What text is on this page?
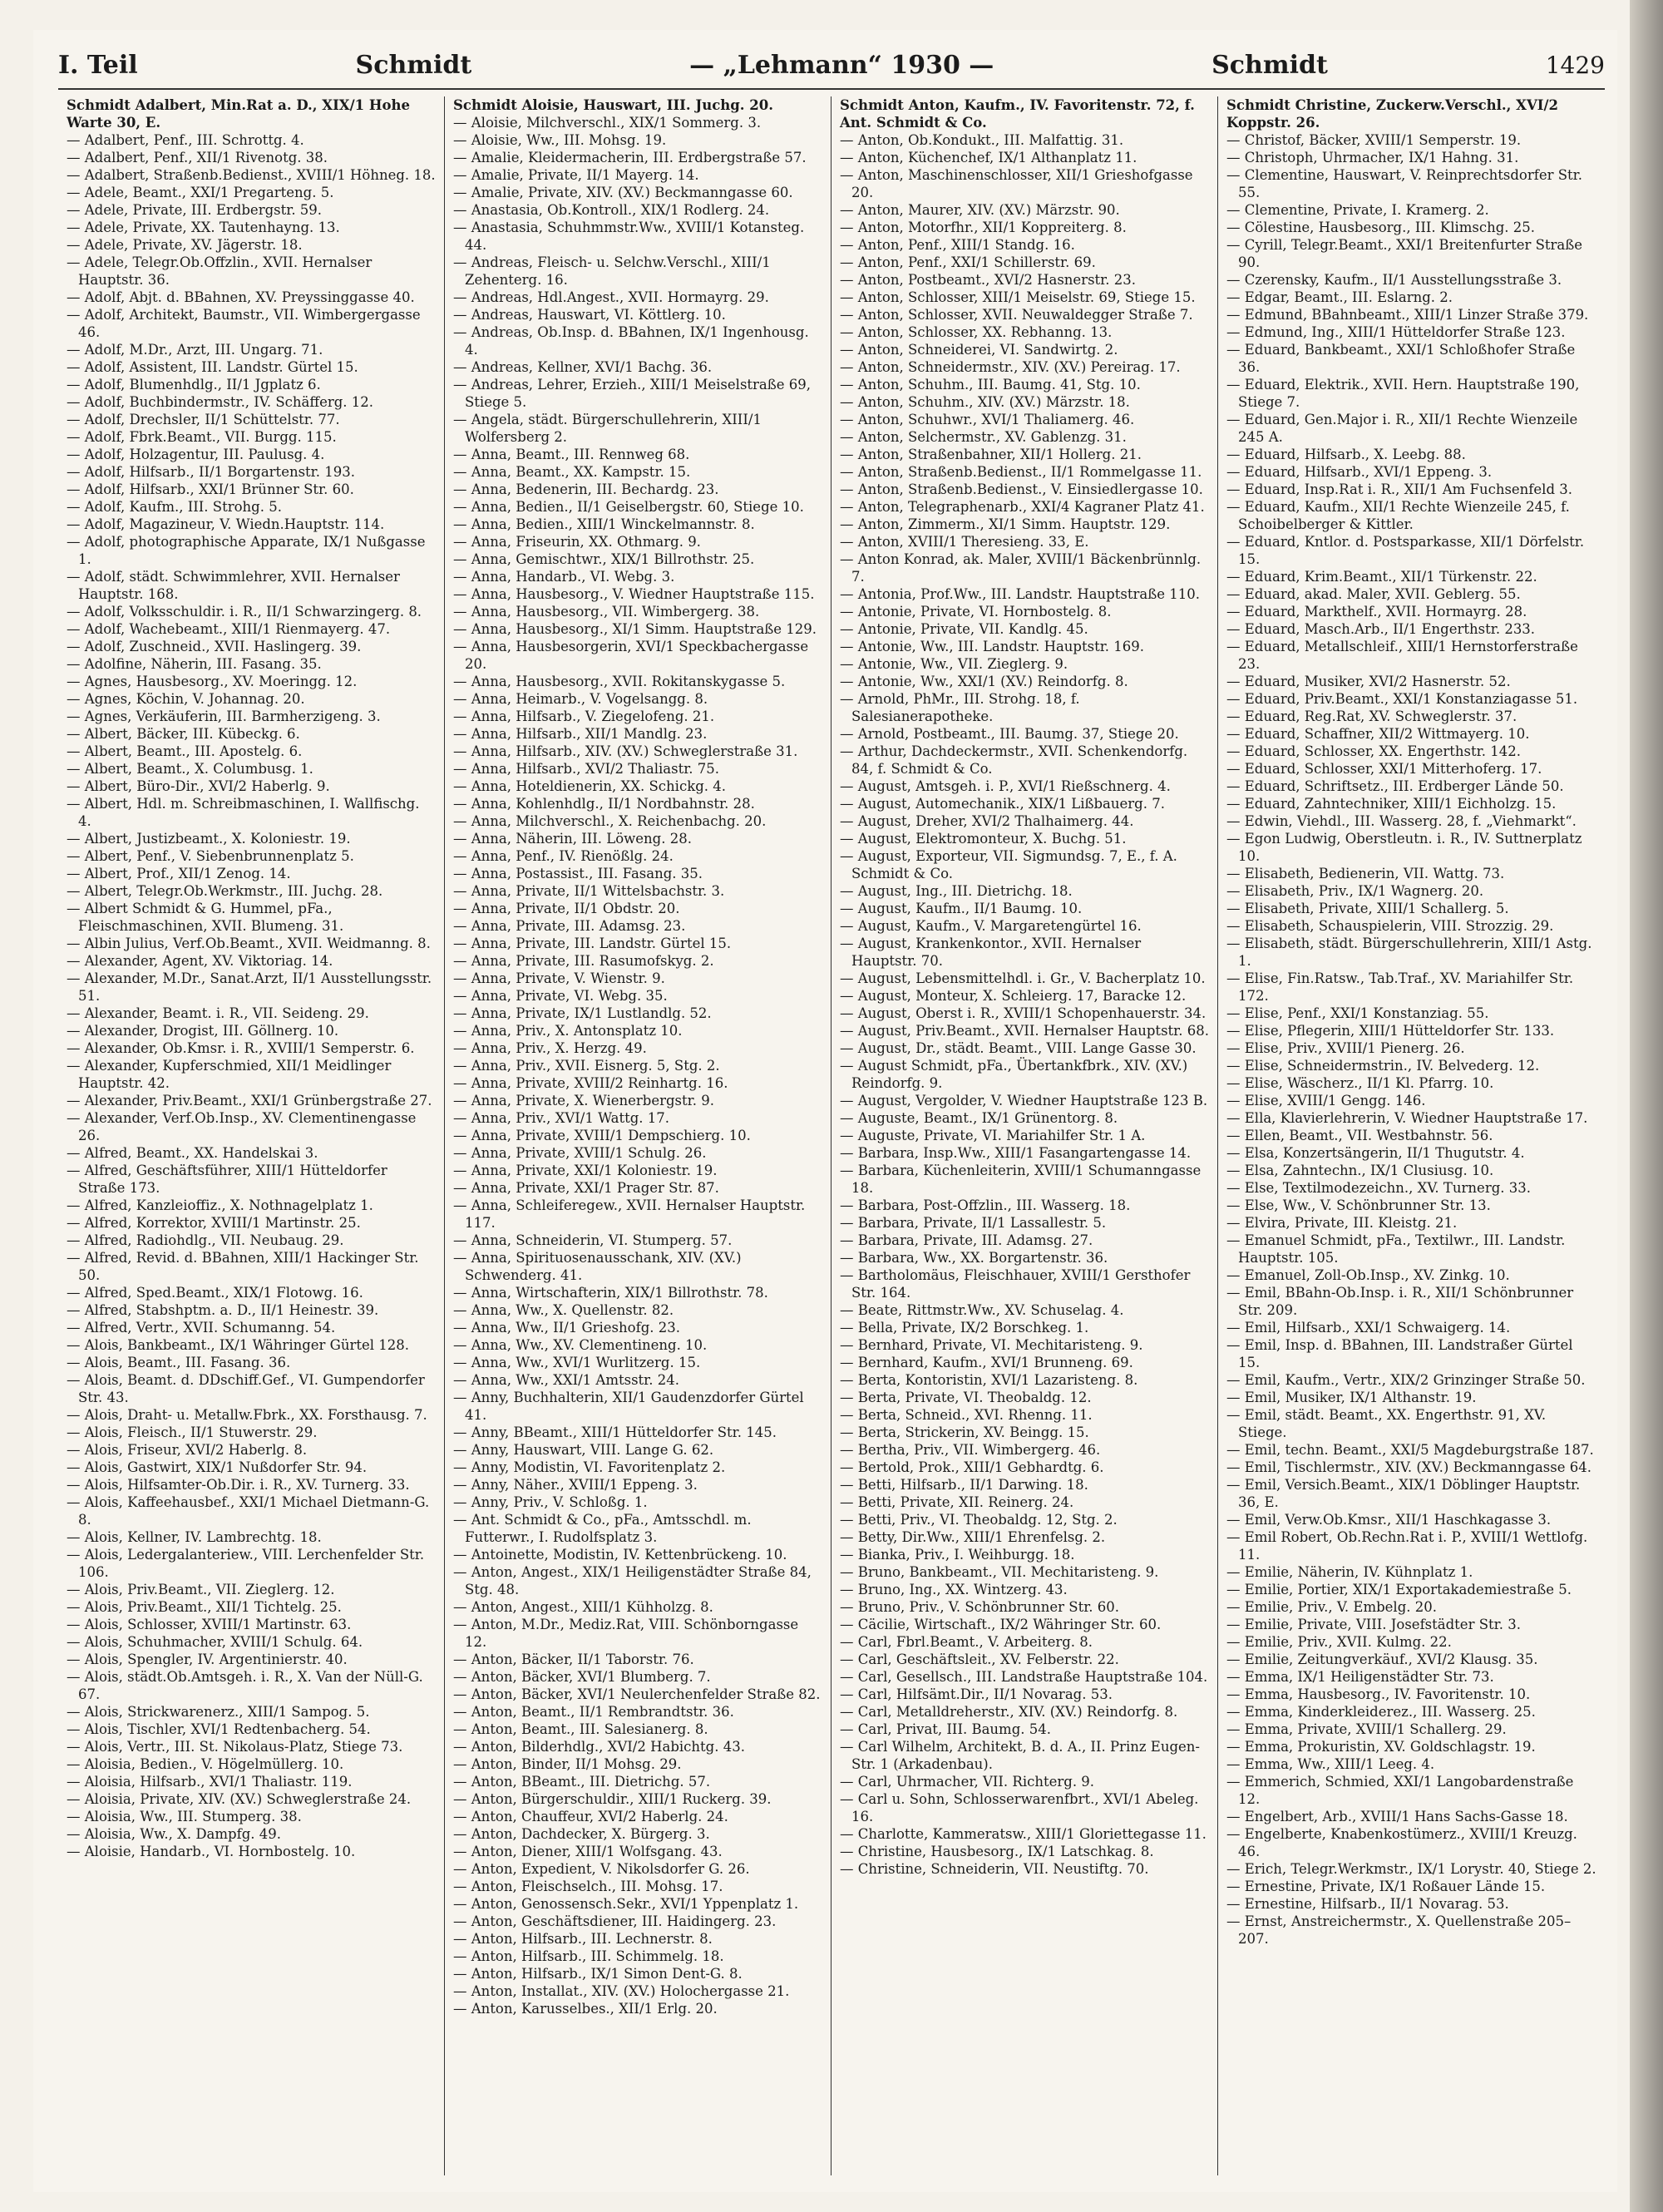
I. Teil	Schmidt	— „Lehmann“ 1930 —	Schmidt	1429

Schmidt Adalbert, Min.Rat a. D., XIX/1 Hohe Warte 30, E.

— Adalbert, Penf., III. Schrottg. 4.

— Adalbert, Penf., XII/1 Rivenotg. 38.

— Adalbert, Straßenb.Bedienst., XVIII/1 Höhneg. 18.

— Adele, Beamt., XXI/1 Pregarteng. 5.

— Adele, Private, III. Erdbergstr. 59.

— Adele, Private, XX. Tautenhayng. 13.

— Adele, Private, XV. Jägerstr. 18.

— Adele, Telegr.Ob.Offzlin., XVII. Hernalser Hauptstr. 36.

— Adolf, Abjt. d. BBahnen, XV. Preyssinggasse 40.

— Adolf, Architekt, Baumstr., VII. Wimbergergasse 46.

— Adolf, M.Dr., Arzt, III. Ungarg. 71.

— Adolf, Assistent, III. Landstr. Gürtel 15.

— Adolf, Blumenhdlg., II/1 Jgplatz 6.

— Adolf, Buchbindermstr., IV. Schäfferg. 12.

— Adolf, Drechsler, II/1 Schüttelstr. 77.

— Adolf, Fbrk.Beamt., VII. Burgg. 115.

— Adolf, Holzagentur, III. Paulusg. 4.

— Adolf, Hilfsarb., II/1 Borgartenstr. 193.

— Adolf, Hilfsarb., XXI/1 Brünner Str. 60.

— Adolf, Kaufm., III. Strohg. 5.

— Adolf, Magazineur, V. Wiedn.Hauptstr. 114.

— Adolf, photographische Apparate, IX/1 Nußgasse 1.

— Adolf, städt. Schwimmlehrer, XVII. Hernalser Hauptstr. 168.

— Adolf, Volksschuldir. i. R., II/1 Schwarzingerg. 8.

— Adolf, Wachebeamt., XIII/1 Rienmayerg. 47.

— Adolf, Zuschneid., XVII. Haslingerg. 39.

— Adolfine, Näherin, III. Fasang. 35.

— Agnes, Hausbesorg., XV. Moeringg. 12.

— Agnes, Köchin, V. Johannag. 20.

— Agnes, Verkäuferin, III. Barmherzigeng. 3.

— Albert, Bäcker, III. Kübeckg. 6.

— Albert, Beamt., III. Apostelg. 6.

— Albert, Beamt., X. Columbusg. 1.

— Albert, Büro-Dir., XVI/2 Haberlg. 9.

— Albert, Hdl. m. Schreibmaschinen, I. Wallfischg. 4.

— Albert, Justizbeamt., X. Koloniestr. 19.

— Albert, Penf., V. Siebenbrunnenplatz 5.

— Albert, Prof., XII/1 Zenog. 14.

— Albert, Telegr.Ob.Werkmstr., III. Juchg. 28.

— Albert Schmidt & G. Hummel, pFa., Fleischmaschinen, XVII. Blumeng. 31.

— Albin Julius, Verf.Ob.Beamt., XVII. Weidmanng. 8.

— Alexander, Agent, XV. Viktoriag. 14.

— Alexander, M.Dr., Sanat.Arzt, II/1 Ausstellungsstr. 51.

— Alexander, Beamt. i. R., VII. Seideng. 29.

— Alexander, Drogist, III. Göllnerg. 10.

— Alexander, Ob.Kmsr. i. R., XVIII/1 Semperstr. 6.

— Alexander, Kupferschmied, XII/1 Meidlinger Hauptstr. 42.

— Alexander, Priv.Beamt., XXI/1 Grünbergstraße 27.

— Alexander, Verf.Ob.Insp., XV. Clementinengasse 26.

— Alfred, Beamt., XX. Handelskai 3.

— Alfred, Geschäftsführer, XIII/1 Hütteldorfer Straße 173.

— Alfred, Kanzleioffiz., X. Nothnagelplatz 1.

— Alfred, Korrektor, XVIII/1 Martinstr. 25.

— Alfred, Radiohdlg., VII. Neubaug. 29.

— Alfred, Revid. d. BBahnen, XIII/1 Hackinger Str. 50.

— Alfred, Sped.Beamt., XIX/1 Flotowg. 16.

— Alfred, Stabshptm. a. D., II/1 Heinestr. 39.

— Alfred, Vertr., XVII. Schumanng. 54.

— Alois, Bankbeamt., IX/1 Währinger Gürtel 128.

— Alois, Beamt., III. Fasang. 36.

— Alois, Beamt. d. DDschiff.Gef., VI. Gumpendorfer Str. 43.

— Alois, Draht- u. Metallw.Fbrk., XX. Forsthausg. 7.

— Alois, Fleisch., II/1 Stuwerstr. 29.

— Alois, Friseur, XVI/2 Haberlg. 8.

— Alois, Gastwirt, XIX/1 Nußdorfer Str. 94.

— Alois, Hilfsamter-Ob.Dir. i. R., XV. Turnerg. 33.

— Alois, Kaffeehausbef., XXI/1 Michael Dietmann-G. 8.

— Alois, Kellner, IV. Lambrechtg. 18.

— Alois, Ledergalanteriew., VIII. Lerchenfelder Str. 106.

— Alois, Priv.Beamt., VII. Zieglerg. 12.

— Alois, Priv.Beamt., XII/1 Tichtelg. 25.

— Alois, Schlosser, XVIII/1 Martinstr. 63.

— Alois, Schuhmacher, XVIII/1 Schulg. 64.

— Alois, Spengler, IV. Argentinierstr. 40.

— Alois, städt.Ob.Amtsgeh. i. R., X. Van der Nüll-G. 67.

— Alois, Strickwarenerz., XIII/1 Sampog. 5.

— Alois, Tischler, XVI/1 Redtenbacherg. 54.

— Alois, Vertr., III. St. Nikolaus-Platz, Stiege 73.

— Aloisia, Bedien., V. Högelmüllerg. 10.

— Aloisia, Hilfsarb., XVI/1 Thaliastr. 119.

— Aloisia, Private, XIV. (XV.) Schweglerstraße 24.

— Aloisia, Ww., III. Stumperg. 38.

— Aloisia, Ww., X. Dampfg. 49.

— Aloisie, Handarb., VI. Hornbostelg. 10.

Schmidt Aloisie, Hauswart, III. Juchg. 20.

— Aloisie, Milchverschl., XIX/1 Sommerg. 3.

— Aloisie, Ww., III. Mohsg. 19.

— Amalie, Kleidermacherin, III. Erdbergstraße 57.

— Amalie, Private, II/1 Mayerg. 14.

— Amalie, Private, XIV. (XV.) Beckmanngasse 60.

— Anastasia, Ob.Kontroll., XIX/1 Rodlerg. 24.

— Anastasia, Schuhmmstr.Ww., XVIII/1 Kotansteg. 44.

— Andreas, Fleisch- u. Selchw.Verschl., XIII/1 Zehenterg. 16.

— Andreas, Hdl.Angest., XVII. Hormayrg. 29.

— Andreas, Hauswart, VI. Köttlerg. 10.

— Andreas, Ob.Insp. d. BBahnen, IX/1 Ingenhousg. 4.

— Andreas, Kellner, XVI/1 Bachg. 36.

— Andreas, Lehrer, Erzieh., XIII/1 Meiselstraße 69, Stiege 5.

— Angela, städt. Bürgerschullehrerin, XIII/1 Wolfersberg 2.

— Anna, Beamt., III. Rennweg 68.

— Anna, Beamt., XX. Kampstr. 15.

— Anna, Bedenerin, III. Bechardg. 23.

— Anna, Bedien., II/1 Geiselbergstr. 60, Stiege 10.

— Anna, Bedien., XIII/1 Winckelmannstr. 8.

— Anna, Friseurin, XX. Othmarg. 9.

— Anna, Gemischtwr., XIX/1 Billrothstr. 25.

— Anna, Handarb., VI. Webg. 3.

— Anna, Hausbesorg., V. Wiedner Hauptstraße 115.

— Anna, Hausbesorg., VII. Wimbergerg. 38.

— Anna, Hausbesorg., XI/1 Simm. Hauptstraße 129.

— Anna, Hausbesorgerin, XVI/1 Speckbachergasse 20.

— Anna, Hausbesorg., XVII. Rokitanskygasse 5.

— Anna, Heimarb., V. Vogelsangg. 8.

— Anna, Hilfsarb., V. Ziegelofeng. 21.

— Anna, Hilfsarb., XII/1 Mandlg. 23.

— Anna, Hilfsarb., XIV. (XV.) Schweglerstraße 31.

— Anna, Hilfsarb., XVI/2 Thaliastr. 75.

— Anna, Hoteldienerin, XX. Schickg. 4.

— Anna, Kohlenhdlg., II/1 Nordbahnstr. 28.

— Anna, Milchverschl., X. Reichenbachg. 20.

— Anna, Näherin, III. Löweng. 28.

— Anna, Penf., IV. Rienößlg. 24.

— Anna, Postassist., III. Fasang. 35.

— Anna, Private, II/1 Wittelsbachstr. 3.

— Anna, Private, II/1 Obdstr. 20.

— Anna, Private, III. Adamsg. 23.

— Anna, Private, III. Landstr. Gürtel 15.

— Anna, Private, III. Rasumofskyg. 2.

— Anna, Private, V. Wienstr. 9.

— Anna, Private, VI. Webg. 35.

— Anna, Private, IX/1 Lustlandlg. 52.

— Anna, Priv., X. Antonsplatz 10.

— Anna, Priv., X. Herzg. 49.

— Anna, Priv., XVII. Eisnerg. 5, Stg. 2.

— Anna, Private, XVIII/2 Reinhartg. 16.

— Anna, Private, X. Wienerbergstr. 9.

— Anna, Priv., XVI/1 Wattg. 17.

— Anna, Private, XVIII/1 Dempschierg. 10.

— Anna, Private, XVIII/1 Schulg. 26.

— Anna, Private, XXI/1 Koloniestr. 19.

— Anna, Private, XXI/1 Prager Str. 87.

— Anna, Schleiferegew., XVII. Hernalser Hauptstr. 117.

— Anna, Schneiderin, VI. Stumperg. 57.

— Anna, Spirituosenausschank, XIV. (XV.) Schwenderg. 41.

— Anna, Wirtschafterin, XIX/1 Billrothstr. 78.

— Anna, Ww., X. Quellenstr. 82.

— Anna, Ww., II/1 Grieshofg. 23.

— Anna, Ww., XV. Clementineng. 10.

— Anna, Ww., XVI/1 Wurlitzerg. 15.

— Anna, Ww., XXI/1 Amtsstr. 24.

— Anny, Buchhalterin, XII/1 Gaudenzdorfer Gürtel 41.

— Anny, BBeamt., XIII/1 Hütteldorfer Str. 145.

— Anny, Hauswart, VIII. Lange G. 62.

— Anny, Modistin, VI. Favoritenplatz 2.

— Anny, Näher., XVIII/1 Eppeng. 3.

— Anny, Priv., V. Schloßg. 1.

— Ant. Schmidt & Co., pFa., Amtsschdl. m. Futterwr., I. Rudolfsplatz 3.

— Antoinette, Modistin, IV. Kettenbrückeng. 10.

— Anton, Angest., XIX/1 Heiligenstädter Straße 84, Stg. 48.

— Anton, Angest., XIII/1 Kühholzg. 8.

— Anton, M.Dr., Mediz.Rat, VIII. Schönborngasse 12.

— Anton, Bäcker, II/1 Taborstr. 76.

— Anton, Bäcker, XVI/1 Blumberg. 7.

— Anton, Bäcker, XVI/1 Neulerchenfelder Straße 82.

— Anton, Beamt., II/1 Rembrandtstr. 36.

— Anton, Beamt., III. Salesianerg. 8.

— Anton, Bilderhdlg., XVI/2 Habichtg. 43.

— Anton, Binder, II/1 Mohsg. 29.

— Anton, BBeamt., III. Dietrichg. 57.

— Anton, Bürgerschuldir., XIII/1 Ruckerg. 39.

— Anton, Chauffeur, XVI/2 Haberlg. 24.

— Anton, Dachdecker, X. Bürgerg. 3.

— Anton, Diener, XIII/1 Wolfsgang. 43.

— Anton, Expedient, V. Nikolsdorfer G. 26.

— Anton, Fleischselch., III. Mohsg. 17.

— Anton, Genossensch.Sekr., XVI/1 Yppenplatz 1.

— Anton, Geschäftsdiener, III. Haidingerg. 23.

— Anton, Hilfsarb., III. Lechnerstr. 8.

— Anton, Hilfsarb., III. Schimmelg. 18.

— Anton, Hilfsarb., IX/1 Simon Dent-G. 8.

— Anton, Installat., XIV. (XV.) Holochergasse 21.

— Anton, Karusselbes., XII/1 Erlg. 20.

Schmidt Anton, Kaufm., IV. Favoritenstr. 72, f. Ant. Schmidt & Co.

— Anton, Ob.Kondukt., III. Malfattig. 31.

— Anton, Küchenchef, IX/1 Althanplatz 11.

— Anton, Maschinenschlosser, XII/1 Grieshofgasse 20.

— Anton, Maurer, XIV. (XV.) Märzstr. 90.

— Anton, Motorfhr., XII/1 Koppreiterg. 8.

— Anton, Penf., XIII/1 Standg. 16.

— Anton, Penf., XXI/1 Schillerstr. 69.

— Anton, Postbeamt., XVI/2 Hasnerstr. 23.

— Anton, Schlosser, XIII/1 Meiselstr. 69, Stiege 15.

— Anton, Schlosser, XVII. Neuwaldegger Straße 7.

— Anton, Schlosser, XX. Rebhanng. 13.

— Anton, Schneiderei, VI. Sandwirtg. 2.

— Anton, Schneidermstr., XIV. (XV.) Pereirag. 17.

— Anton, Schuhm., III. Baumg. 41, Stg. 10.

— Anton, Schuhm., XIV. (XV.) Märzstr. 18.

— Anton, Schuhwr., XVI/1 Thaliamerg. 46.

— Anton, Selchermstr., XV. Gablenzg. 31.

— Anton, Straßenbahner, XII/1 Hollerg. 21.

— Anton, Straßenb.Bedienst., II/1 Rommelgasse 11.

— Anton, Straßenb.Bedienst., V. Einsiedlergasse 10.

— Anton, Telegraphenarb., XXI/4 Kagraner Platz 41.

— Anton, Zimmerm., XI/1 Simm. Hauptstr. 129.

— Anton, XVIII/1 Theresieng. 33, E.

— Anton Konrad, ak. Maler, XVIII/1 Bäckenbrünnlg. 7.

— Antonia, Prof.Ww., III. Landstr. Hauptstraße 110.

— Antonie, Private, VI. Hornbostelg. 8.

— Antonie, Private, VII. Kandlg. 45.

— Antonie, Ww., III. Landstr. Hauptstr. 169.

— Antonie, Ww., VII. Zieglerg. 9.

— Antonie, Ww., XXI/1 (XV.) Reindorfg. 8.

— Arnold, PhMr., III. Strohg. 18, f. Salesianerapotheke.

— Arnold, Postbeamt., III. Baumg. 37, Stiege 20.

— Arthur, Dachdeckermstr., XVII. Schenkendorfg. 84, f. Schmidt & Co.

— August, Amtsgeh. i. P., XVI/1 Rießschnerg. 4.

— August, Automechanik., XIX/1 Lißbauerg. 7.

— August, Dreher, XVI/2 Thalhaimerg. 44.

— August, Elektromonteur, X. Buchg. 51.

— August, Exporteur, VII. Sigmundsg. 7, E., f. A. Schmidt & Co.

— August, Ing., III. Dietrichg. 18.

— August, Kaufm., II/1 Baumg. 10.

— August, Kaufm., V. Margaretengürtel 16.

— August, Krankenkontor., XVII. Hernalser Hauptstr. 70.

— August, Lebensmittelhdl. i. Gr., V. Bacherplatz 10.

— August, Monteur, X. Schleierg. 17, Baracke 12.

— August, Oberst i. R., XVIII/1 Schopenhauerstr. 34.

— August, Priv.Beamt., XVII. Hernalser Hauptstr. 68.

— August, Dr., städt. Beamt., VIII. Lange Gasse 30.

— August Schmidt, pFa., Übertankfbrk., XIV. (XV.) Reindorfg. 9.

— August, Vergolder, V. Wiedner Hauptstraße 123 B.

— Auguste, Beamt., IX/1 Grünentorg. 8.

— Auguste, Private, VI. Mariahilfer Str. 1 A.

— Barbara, Insp.Ww., XIII/1 Fasangartengasse 14.

— Barbara, Küchenleiterin, XVIII/1 Schumanngasse 18.

— Barbara, Post-Offzlin., III. Wasserg. 18.

— Barbara, Private, II/1 Lassallestr. 5.

— Barbara, Private, III. Adamsg. 27.

— Barbara, Ww., XX. Borgartenstr. 36.

— Bartholomäus, Fleischhauer, XVIII/1 Gersthofer Str. 164.

— Beate, Rittmstr.Ww., XV. Schuselag. 4.

— Bella, Private, IX/2 Borschkeg. 1.

— Bernhard, Private, VI. Mechitaristeng. 9.

— Bernhard, Kaufm., XVI/1 Brunneng. 69.

— Berta, Kontoristin, XVI/1 Lazaristeng. 8.

— Berta, Private, VI. Theobaldg. 12.

— Berta, Schneid., XVI. Rhenng. 11.

— Berta, Strickerin, XV. Beingg. 15.

— Bertha, Priv., VII. Wimbergerg. 46.

— Bertold, Prok., XIII/1 Gebhardtg. 6.

— Betti, Hilfsarb., II/1 Darwing. 18.

— Betti, Private, XII. Reinerg. 24.

— Betti, Priv., VI. Theobaldg. 12, Stg. 2.

— Betty, Dir.Ww., XIII/1 Ehrenfelsg. 2.

— Bianka, Priv., I. Weihburgg. 18.

— Bruno, Bankbeamt., VII. Mechitaristeng. 9.

— Bruno, Ing., XX. Wintzerg. 43.

— Bruno, Priv., V. Schönbrunner Str. 60.

— Cäcilie, Wirtschaft., IX/2 Währinger Str. 60.

— Carl, Fbrl.Beamt., V. Arbeiterg. 8.

— Carl, Geschäftsleit., XV. Felberstr. 22.

— Carl, Gesellsch., III. Landstraße Hauptstraße 104.

— Carl, Hilfsämt.Dir., II/1 Novarag. 53.

— Carl, Metalldreherstr., XIV. (XV.) Reindorfg. 8.

— Carl, Privat, III. Baumg. 54.

— Carl Wilhelm, Architekt, B. d. A., II. Prinz Eugen-Str. 1 (Arkadenbau).

— Carl, Uhrmacher, VII. Richterg. 9.

— Carl u. Sohn, Schlosserwarenfbrt., XVI/1 Abeleg. 16.

— Charlotte, Kammeratsw., XIII/1 Gloriettegasse 11.

— Christine, Hausbesorg., IX/1 Latschkag. 8.

— Christine, Schneiderin, VII. Neustiftg. 70.

Schmidt Christine, Zuckerw.Verschl., XVI/2 Koppstr. 26.

— Christof, Bäcker, XVIII/1 Semperstr. 19.

— Christoph, Uhrmacher, IX/1 Hahng. 31.

— Clementine, Hauswart, V. Reinprechtsdorfer Str. 55.

— Clementine, Private, I. Kramerg. 2.

— Cölestine, Hausbesorg., III. Klimschg. 25.

— Cyrill, Telegr.Beamt., XXI/1 Breitenfurter Straße 90.

— Czerensky, Kaufm., II/1 Ausstellungsstraße 3.

— Edgar, Beamt., III. Eslarng. 2.

— Edmund, BBahnbeamt., XIII/1 Linzer Straße 379.

— Edmund, Ing., XIII/1 Hütteldorfer Straße 123.

— Eduard, Bankbeamt., XXI/1 Schloßhofer Straße 36.

— Eduard, Elektrik., XVII. Hern. Hauptstraße 190, Stiege 7.

— Eduard, Gen.Major i. R., XII/1 Rechte Wienzeile 245 A.

— Eduard, Hilfsarb., X. Leebg. 88.

— Eduard, Hilfsarb., XVI/1 Eppeng. 3.

— Eduard, Insp.Rat i. R., XII/1 Am Fuchsenfeld 3.

— Eduard, Kaufm., XII/1 Rechte Wienzeile 245, f. Schoibelberger & Kittler.

— Eduard, Kntlor. d. Postsparkasse, XII/1 Dörfelstr. 15.

— Eduard, Krim.Beamt., XII/1 Türkenstr. 22.

— Eduard, akad. Maler, XVII. Geblerg. 55.

— Eduard, Markthelf., XVII. Hormayrg. 28.

— Eduard, Masch.Arb., II/1 Engerthstr. 233.

— Eduard, Metallschleif., XIII/1 Hernstorferstraße 23.

— Eduard, Musiker, XVI/2 Hasnerstr. 52.

— Eduard, Priv.Beamt., XXI/1 Konstanziagasse 51.

— Eduard, Reg.Rat, XV. Schweglerstr. 37.

— Eduard, Schaffner, XII/2 Wittmayerg. 10.

— Eduard, Schlosser, XX. Engerthstr. 142.

— Eduard, Schlosser, XXI/1 Mitterhoferg. 17.

— Eduard, Schriftsetz., III. Erdberger Lände 50.

— Eduard, Zahntechniker, XIII/1 Eichholzg. 15.

— Edwin, Viehdl., III. Wasserg. 28, f. „Viehmarkt“.

— Egon Ludwig, Oberstleutn. i. R., IV. Suttnerplatz 10.

— Elisabeth, Bedienerin, VII. Wattg. 73.

— Elisabeth, Priv., IX/1 Wagnerg. 20.

— Elisabeth, Private, XIII/1 Schallerg. 5.

— Elisabeth, Schauspielerin, VIII. Strozzig. 29.

— Elisabeth, städt. Bürgerschullehrerin, XIII/1 Astg. 1.

— Elise, Fin.Ratsw., Tab.Traf., XV. Mariahilfer Str. 172.

— Elise, Penf., XXI/1 Konstanziag. 55.

— Elise, Pflegerin, XIII/1 Hütteldorfer Str. 133.

— Elise, Priv., XVIII/1 Pienerg. 26.

— Elise, Schneidermstrin., IV. Belvederg. 12.

— Elise, Wäscherz., II/1 Kl. Pfarrg. 10.

— Elise, XVIII/1 Gengg. 146.

— Ella, Klavierlehrerin, V. Wiedner Hauptstraße 17.

— Ellen, Beamt., VII. Westbahnstr. 56.

— Elsa, Konzertsängerin, II/1 Thugutstr. 4.

— Elsa, Zahntechn., IX/1 Clusiusg. 10.

— Else, Textilmodezeichn., XV. Turnerg. 33.

— Else, Ww., V. Schönbrunner Str. 13.

— Elvira, Private, III. Kleistg. 21.

— Emanuel Schmidt, pFa., Textilwr., III. Landstr. Hauptstr. 105.

— Emanuel, Zoll-Ob.Insp., XV. Zinkg. 10.

— Emil, BBahn-Ob.Insp. i. R., XII/1 Schönbrunner Str. 209.

— Emil, Hilfsarb., XXI/1 Schwaigerg. 14.

— Emil, Insp. d. BBahnen, III. Landstraßer Gürtel 15.

— Emil, Kaufm., Vertr., XIX/2 Grinzinger Straße 50.

— Emil, Musiker, IX/1 Althanstr. 19.

— Emil, städt. Beamt., XX. Engerthstr. 91, XV. Stiege.

— Emil, techn. Beamt., XXI/5 Magdeburgstraße 187.

— Emil, Tischlermstr., XIV. (XV.) Beckmanngasse 64.

— Emil, Versich.Beamt., XIX/1 Döblinger Hauptstr. 36, E.

— Emil, Verw.Ob.Kmsr., XII/1 Haschkagasse 3.

— Emil Robert, Ob.Rechn.Rat i. P., XVIII/1 Wettlofg. 11.

— Emilie, Näherin, IV. Kühnplatz 1.

— Emilie, Portier, XIX/1 Exportakademiestraße 5.

— Emilie, Priv., V. Embelg. 20.

— Emilie, Private, VIII. Josefstädter Str. 3.

— Emilie, Priv., XVII. Kulmg. 22.

— Emilie, Zeitungverkäuf., XVI/2 Klausg. 35.

— Emma, IX/1 Heiligenstädter Str. 73.

— Emma, Hausbesorg., IV. Favoritenstr. 10.

— Emma, Kinderkleiderez., III. Wasserg. 25.

— Emma, Private, XVIII/1 Schallerg. 29.

— Emma, Prokuristin, XV. Goldschlagstr. 19.

— Emma, Ww., XIII/1 Leeg. 4.

— Emmerich, Schmied, XXI/1 Langobardenstraße 12.

— Engelbert, Arb., XVIII/1 Hans Sachs-Gasse 18.

— Engelberte, Knabenkostümerz., XVIII/1 Kreuzg. 46.

— Erich, Telegr.Werkmstr., IX/1 Lorystr. 40, Stiege 2.

— Ernestine, Private, IX/1 Roßauer Lände 15.

— Ernestine, Hilfsarb., II/1 Novarag. 53.

— Ernst, Anstreichermstr., X. Quellenstraße 205–207.
